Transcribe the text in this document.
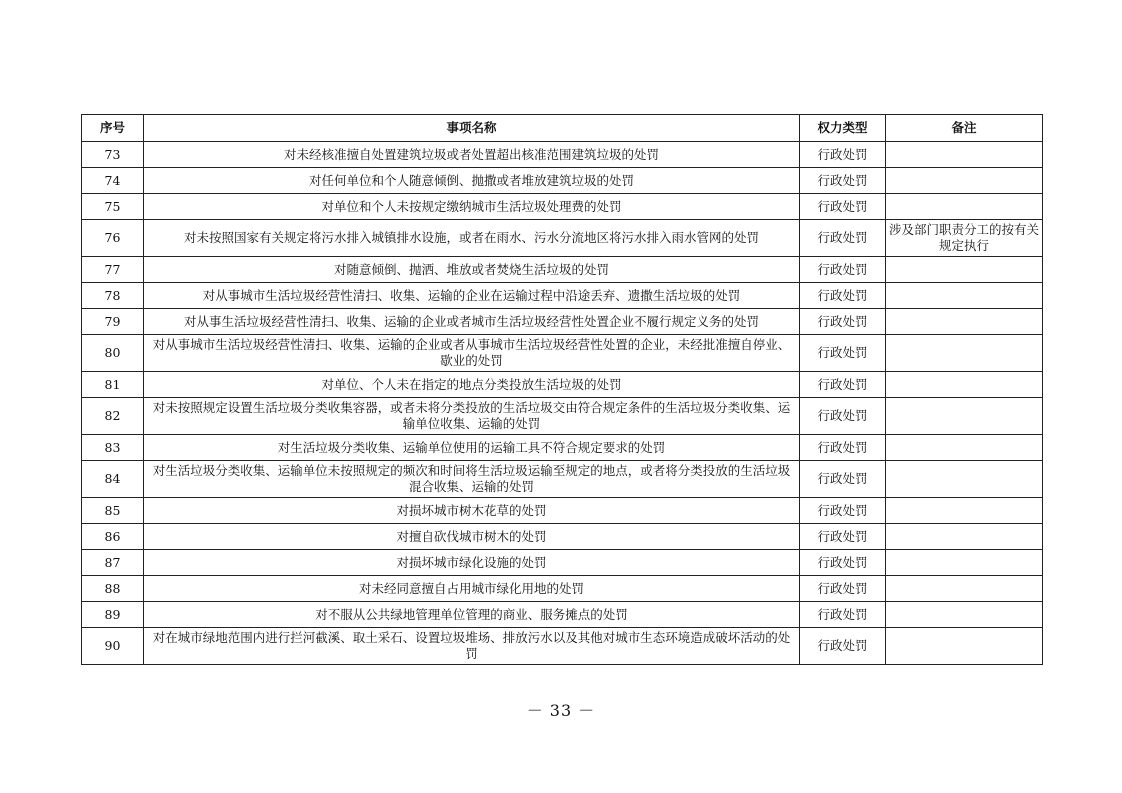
序号	事项名称	权力类型	备注
73	对未经核准擅自处置建筑垃圾或者处置超出核准范围建筑垃圾的处罚	行政处罚	
74	对任何单位和个人随意倾倒、抛撒或者堆放建筑垃圾的处罚	行政处罚	
75	对单位和个人未按规定缴纳城市生活垃圾处理费的处罚	行政处罚	
76	对未按照国家有关规定将污水排入城镇排水设施，或者在雨水、污水分流地区将污水排入雨水管网的处罚	行政处罚	涉及部门职责分工的按有关规定执行
77	对随意倾倒、抛洒、堆放或者焚烧生活垃圾的处罚	行政处罚	
78	对从事城市生活垃圾经营性清扫、收集、运输的企业在运输过程中沿途丢弃、遗撒生活垃圾的处罚	行政处罚	
79	对从事生活垃圾经营性清扫、收集、运输的企业或者城市生活垃圾经营性处置企业不履行规定义务的处罚	行政处罚	
80	对从事城市生活垃圾经营性清扫、收集、运输的企业或者从事城市生活垃圾经营性处置的企业，未经批准擅自停业、歇业的处罚	行政处罚	
81	对单位、个人未在指定的地点分类投放生活垃圾的处罚	行政处罚	
82	对未按照规定设置生活垃圾分类收集容器，或者未将分类投放的生活垃圾交由符合规定条件的生活垃圾分类收集、运输单位收集、运输的处罚	行政处罚	
83	对生活垃圾分类收集、运输单位使用的运输工具不符合规定要求的处罚	行政处罚	
84	对生活垃圾分类收集、运输单位未按照规定的频次和时间将生活垃圾运输至规定的地点，或者将分类投放的生活垃圾混合收集、运输的处罚	行政处罚	
85	对损坏城市树木花草的处罚	行政处罚	
86	对擅自砍伐城市树木的处罚	行政处罚	
87	对损坏城市绿化设施的处罚	行政处罚	
88	对未经同意擅自占用城市绿化用地的处罚	行政处罚	
89	对不服从公共绿地管理单位管理的商业、服务摊点的处罚	行政处罚	
90	对在城市绿地范围内进行拦河截溪、取土采石、设置垃圾堆场、排放污水以及其他对城市生态环境造成破坏活动的处罚	行政处罚	
－ 33 －
